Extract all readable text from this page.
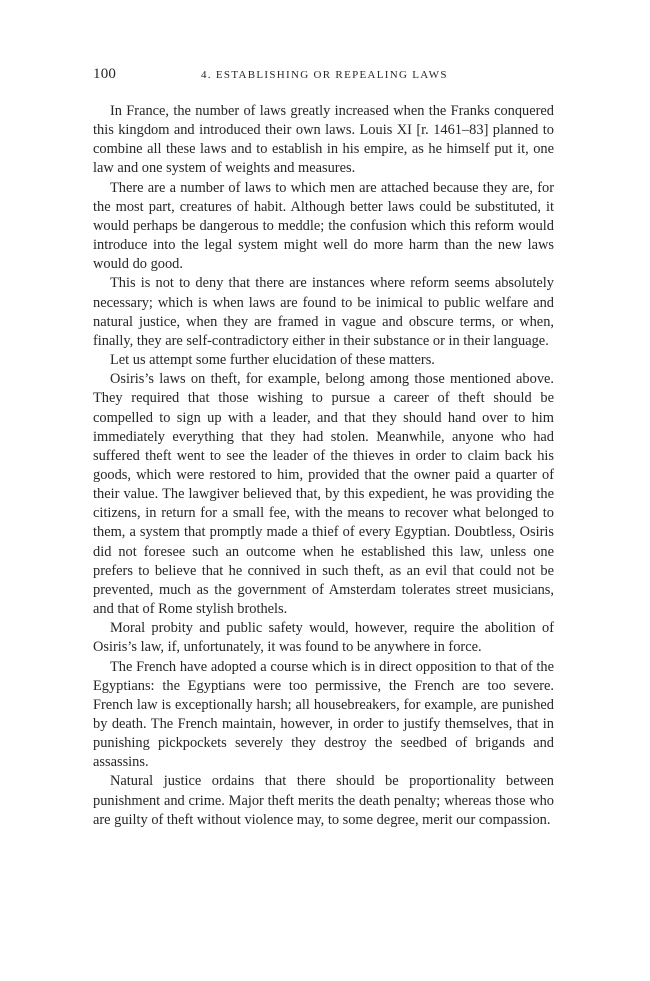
100	4. ESTABLISHING OR REPEALING LAWS

In France, the number of laws greatly increased when the Franks conquered this kingdom and introduced their own laws. Louis XI [r. 1461–83] planned to combine all these laws and to establish in his empire, as he himself put it, one law and one system of weights and measures.

There are a number of laws to which men are attached because they are, for the most part, creatures of habit. Although better laws could be substituted, it would perhaps be dangerous to meddle; the confusion which this reform would introduce into the legal system might well do more harm than the new laws would do good.

This is not to deny that there are instances where reform seems absolutely necessary; which is when laws are found to be inimical to public welfare and natural justice, when they are framed in vague and obscure terms, or when, finally, they are self-contradictory either in their substance or in their language.

Let us attempt some further elucidation of these matters.

Osiris’s laws on theft, for example, belong among those mentioned above. They required that those wishing to pursue a career of theft should be compelled to sign up with a leader, and that they should hand over to him immediately everything that they had stolen. Meanwhile, anyone who had suffered theft went to see the leader of the thieves in order to claim back his goods, which were restored to him, provided that the owner paid a quarter of their value. The lawgiver believed that, by this expedient, he was providing the citizens, in return for a small fee, with the means to recover what belonged to them, a system that promptly made a thief of every Egyptian. Doubtless, Osiris did not foresee such an outcome when he established this law, unless one prefers to believe that he connived in such theft, as an evil that could not be prevented, much as the government of Amsterdam tolerates street musicians, and that of Rome stylish brothels.

Moral probity and public safety would, however, require the abolition of Osiris’s law, if, unfortunately, it was found to be anywhere in force.

The French have adopted a course which is in direct opposition to that of the Egyptians: the Egyptians were too permissive, the French are too severe. French law is exceptionally harsh; all housebreakers, for example, are punished by death. The French maintain, however, in order to justify themselves, that in punishing pickpockets severely they destroy the seedbed of brigands and assassins.

Natural justice ordains that there should be proportionality between punishment and crime. Major theft merits the death penalty; whereas those who are guilty of theft without violence may, to some degree, merit our compassion.
